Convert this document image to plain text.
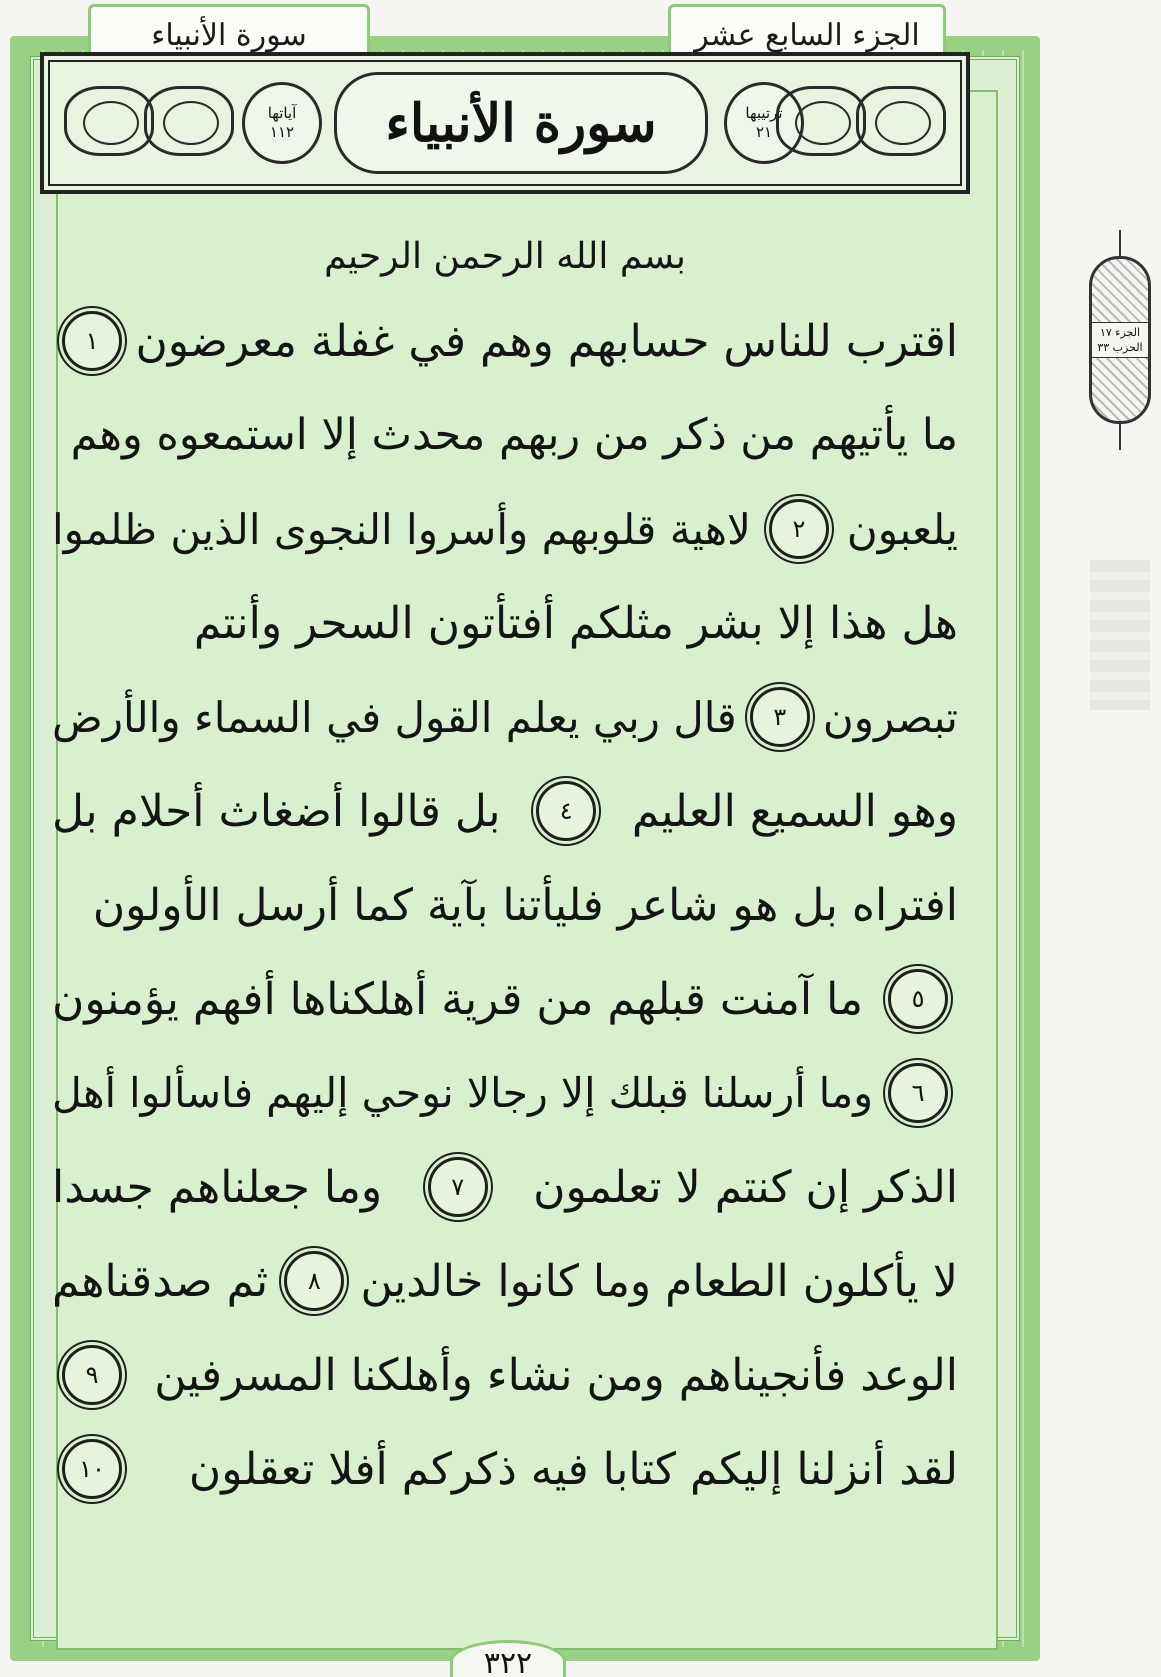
سورة الأنبياء	الجزء السابع عشر
آياتها
١١٢ سورة الأنبياء	ترتيبها
٢١
بسم الله الرحمن الرحيم
اقترب للناس حسابهم وهم في غفلة معرضون
١
ما يأتيهم من ذكر من ربهم محدث إلا استمعوه وهم
يلعبون
٢
لاهية قلوبهم وأسروا النجوى الذين ظلموا
هل هذا إلا بشر مثلكم أفتأتون السحر وأنتم
تبصرون
٣
قال ربي يعلم القول في السماء والأرض
وهو السميع العليم
٤
بل قالوا أضغاث أحلام بل
افتراه بل هو شاعر فليأتنا بآية كما أرسل الأولون
٥
ما آمنت قبلهم من قرية أهلكناها أفهم يؤمنون
٦
وما أرسلنا قبلك إلا رجالا نوحي إليهم فاسألوا أهل
الذكر إن كنتم لا تعلمون
٧
وما جعلناهم جسدا
لا يأكلون الطعام وما كانوا خالدين
٨
ثم صدقناهم
الوعد فأنجيناهم ومن نشاء وأهلكنا المسرفين
٩
لقد أنزلنا إليكم كتابا فيه ذكركم أفلا تعقلون
١٠
الجزء ١٧
الحزب ٣٣
٣٢٢
